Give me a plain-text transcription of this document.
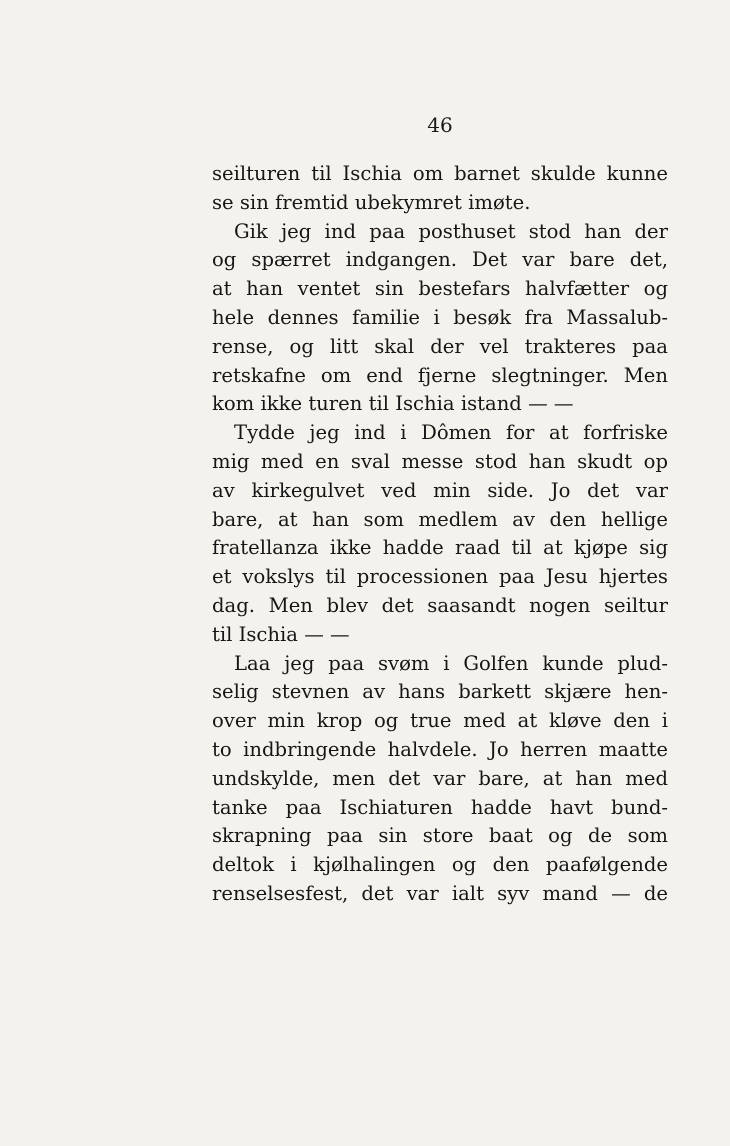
46
seilturen til Ischia om barnet skulde kunne
se sin fremtid ubekymret imøte.
Gik jeg ind paa posthuset stod han der
og spærret indgangen. Det var bare det,
at han ventet sin bestefars halvfætter og
hele dennes familie i besøk fra Massalub-
rense, og litt skal der vel trakteres paa
retskafne om end fjerne slegtninger. Men
kom ikke turen til Ischia istand — —
Tydde jeg ind i Dômen for at forfriske
mig med en sval messe stod han skudt op
av kirkegulvet ved min side. Jo det var
bare, at han som medlem av den hellige
fratellanza ikke hadde raad til at kjøpe sig
et vokslys til processionen paa Jesu hjertes
dag. Men blev det saasandt nogen seiltur
til Ischia — —
Laa jeg paa svøm i Golfen kunde plud-
selig stevnen av hans barkett skjære hen-
over min krop og true med at kløve den i
to indbringende halvdele. Jo herren maatte
undskylde, men det var bare, at han med
tanke paa Ischiaturen hadde havt bund-
skrapning paa sin store baat og de som
deltok i kjølhalingen og den paafølgende
renselsesfest, det var ialt syv mand — de
